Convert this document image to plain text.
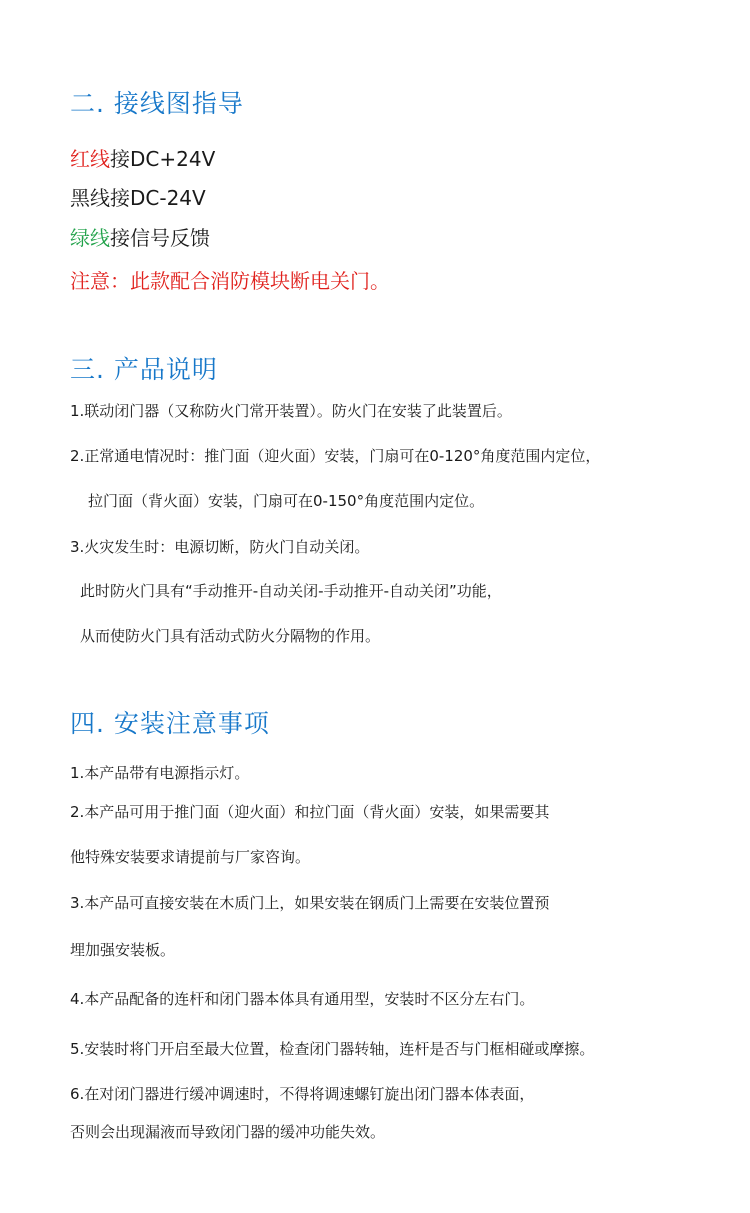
二. 接线图指导
红线接DC+24V
黑线接DC-24V
绿线接信号反馈
注意：此款配合消防模块断电关门。
三. 产品说明
1.联动闭门器（又称防火门常开装置）。防火门在安装了此装置后。
2.正常通电情况时：推门面（迎火面）安装，门扇可在0-120°角度范围内定位，
拉门面（背火面）安装，门扇可在0-150°角度范围内定位。
3.火灾发生时：电源切断，防火门自动关闭。
此时防火门具有“手动推开-自动关闭-手动推开-自动关闭”功能，
从而使防火门具有活动式防火分隔物的作用。
四. 安装注意事项
1.本产品带有电源指示灯。
2.本产品可用于推门面（迎火面）和拉门面（背火面）安装，如果需要其
他特殊安装要求请提前与厂家咨询。
3.本产品可直接安装在木质门上，如果安装在钢质门上需要在安装位置预
埋加强安装板。
4.本产品配备的连杆和闭门器本体具有通用型，安装时不区分左右门。
5.安装时将门开启至最大位置，检查闭门器转轴，连杆是否与门框相碰或摩擦。
6.在对闭门器进行缓冲调速时，不得将调速螺钉旋出闭门器本体表面，
否则会出现漏液而导致闭门器的缓冲功能失效。
